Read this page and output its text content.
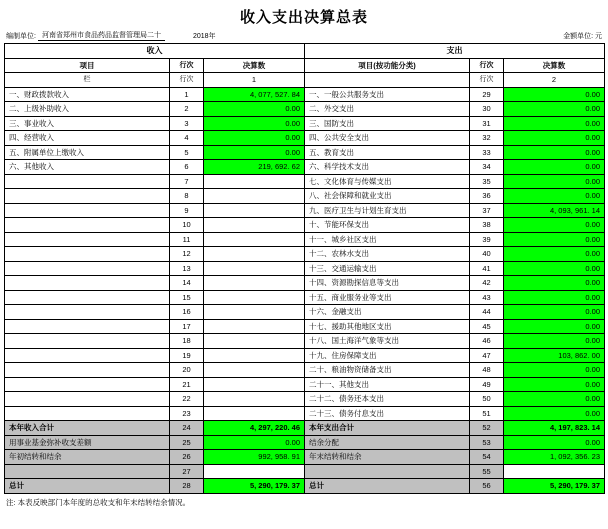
收入支出决算总表
编制单位: 河南省郑州市食品药品监督管理局二十	2018年	金额单位: 元
收入			支出		
项目	行次	决算数	项目(按功能分类)	行次	决算数
栏	行次	1		行次	2
一、财政拨款收入	1	4, 077, 527. 84	一、一般公共服务支出	29	0.00
二、上级补助收入	2	0.00	二、外交支出	30	0.00
三、事业收入	3	0.00	三、国防支出	31	0.00
四、经营收入	4	0.00	四、公共安全支出	32	0.00
五、附属单位上缴收入	5	0.00	五、教育支出	33	0.00
六、其他收入	6	219, 692. 62	六、科学技术支出	34	0.00
	7		七、文化体育与传媒支出	35	0.00
	8		八、社会保障和就业支出	36	0.00
	9		九、医疗卫生与计划生育支出	37	4, 093, 961. 14
	10		十、节能环保支出	38	0.00
	11		十一、城乡社区支出	39	0.00
	12		十二、农林水支出	40	0.00
	13		十三、交通运输支出	41	0.00
	14		十四、资源勘探信息等支出	42	0.00
	15		十五、商业服务业等支出	43	0.00
	16		十六、金融支出	44	0.00
	17		十七、援助其他地区支出	45	0.00
	18		十八、国土海洋气象等支出	46	0.00
	19		十九、住房保障支出	47	103, 862. 00
	20		二十、粮油物资储备支出	48	0.00
	21		二十一、其他支出	49	0.00
	22		二十二、债务还本支出	50	0.00
	23		二十三、债务付息支出	51	0.00
本年收入合计	24	4, 297, 220. 46	本年支出合计	52	4, 197, 823. 14
用事业基金弥补收支差额	25	0.00	结余分配	53	0.00
年初结转和结余	26	992, 958. 91	年末结转和结余	54	1, 092, 356. 23
	27			55	
总计	28	5, 290, 179. 37	总计	56	5, 290, 179. 37
注: 本表反映部门本年度的总收支和年末结转结余情况。
